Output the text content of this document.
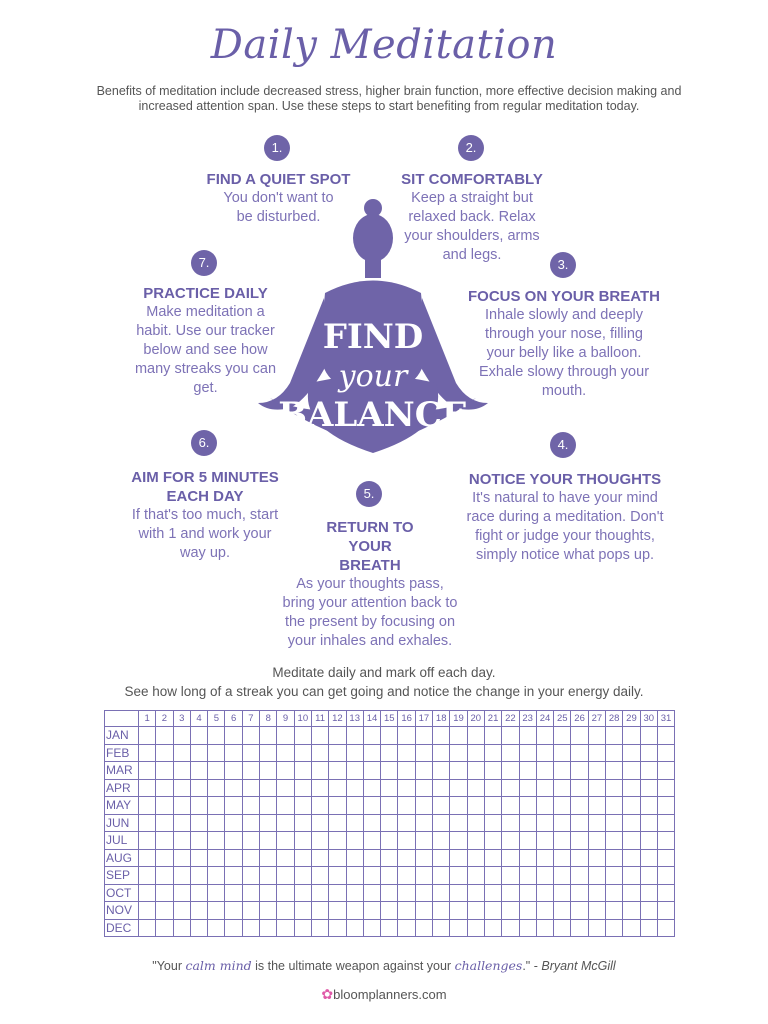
Daily Meditation
Benefits of meditation include decreased stress, higher brain function, more effective decision making and increased attention span. Use these steps to start benefiting from regular meditation today.
FIND
your
BALANCE
1.
FIND A QUIET SPOT
You don't want to be disturbed.
2.
SIT COMFORTABLY
Keep a straight but relaxed back. Relax your shoulders, arms and legs.
7.
PRACTICE DAILY
Make meditation a habit. Use our tracker below and see how many streaks you can get.
3.
FOCUS ON YOUR BREATH
Inhale slowly and deeply through your nose, filling your belly like a balloon. Exhale slowy through your mouth.
6.
AIM FOR 5 MINUTES EACH DAY
If that's too much, start with 1 and work your way up.
4.
NOTICE YOUR THOUGHTS
It's natural to have your mind race during a meditation. Don't fight or judge your thoughts, simply notice what pops up.
5.
RETURN TO YOUR BREATH
As your thoughts pass, bring your attention back to the present by focusing on your inhales and exhales.
Meditate daily and mark off each day.
See how long of a streak you can get going and notice the change in your energy daily.
	1	2	3	4	5	6	7	8	9	10	11	12	13	14	15	16	17	18	19	20	21	22	23	24	25	26	27	28	29	30	31
JAN																															
FEB																															
MAR																															
APR																															
MAY																															
JUN																															
JUL																															
AUG																															
SEP																															
OCT																															
NOV																															
DEC																															
"Your calm mind is the ultimate weapon against your challenges." - Bryant McGill
✿bloomplanners.com
